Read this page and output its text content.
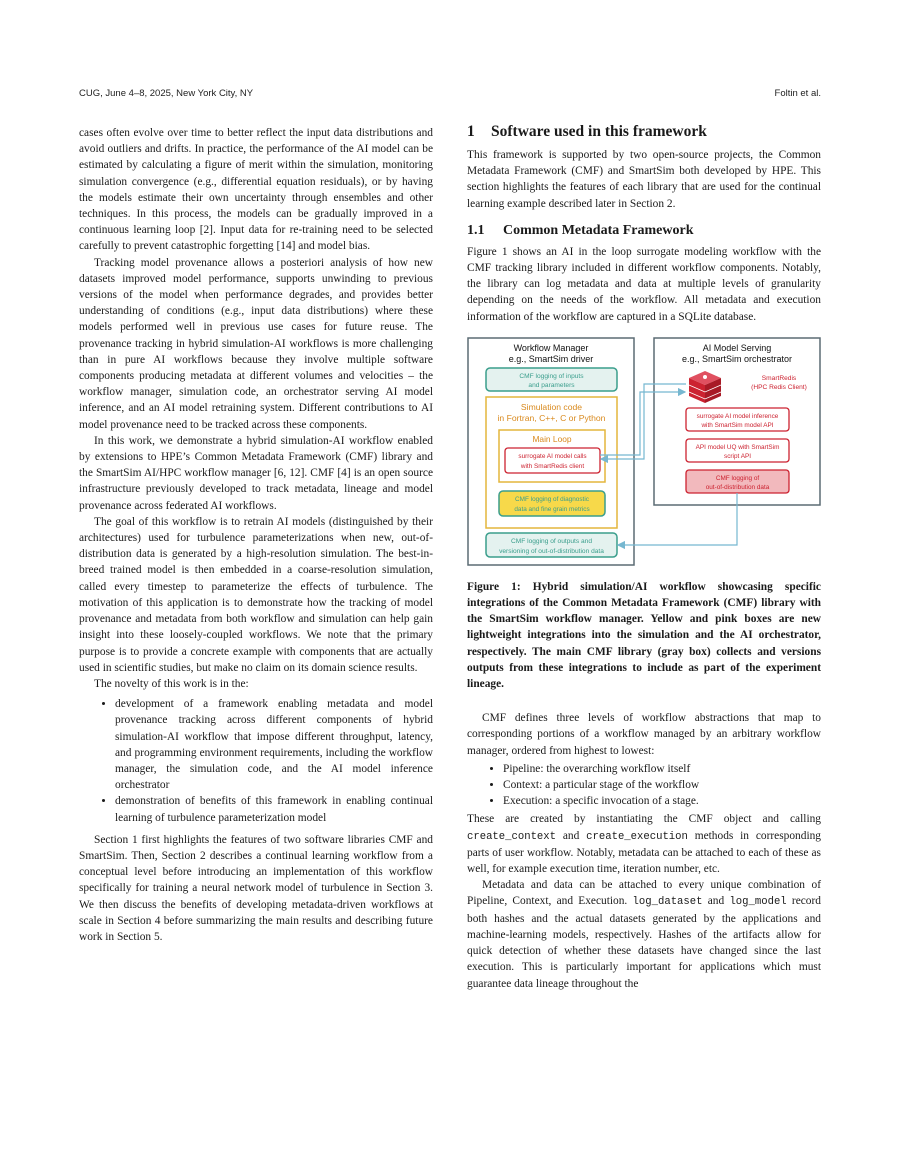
CUG, June 4–8, 2025, New York City, NY	Foltin et al.

cases often evolve over time to better reflect the input data distributions and avoid outliers and drifts. In practice, the performance of the AI model can be estimated by calculating a figure of merit within the simulation, monitoring simulation convergence (e.g., differential equation residuals), or by having the models estimate their own uncertainty through ensembles and other techniques. In this process, the models can be gradually improved in a continuous learning loop [2]. Input data for re-training need to be selected carefully to prevent catastrophic forgetting [14] and model bias.

Tracking model provenance allows a posteriori analysis of how new datasets improved model performance, supports unwinding to previous versions of the model when performance degrades, and provides better understanding of conditions (e.g., input data distributions) where these models performed well in previous use cases for future reuse. The provenance tracking in hybrid simulation-AI workflows is more challenging than in pure AI workflows because they involve multiple software components producing metadata at different volumes and velocities – the workflow manager, simulation code, an orchestrator serving AI model inference, and an AI model retraining system. Different contributions to AI model provenance need to be tracked across these components.

In this work, we demonstrate a hybrid simulation-AI workflow enabled by extensions to HPE’s Common Metadata Framework (CMF) library and the SmartSim AI/HPC workflow manager [6, 12]. CMF [4] is an open source infrastructure previously developed to track metadata, lineage and model provenance across federated AI workflows.

The goal of this workflow is to retrain AI models (distinguished by their architectures) used for turbulence parameterizations when new, out-of-distribution data is generated by a high-resolution simulation. The best-in-breed trained model is then embedded in a coarse-resolution simulation, called every timestep to parameterize the effects of turbulence. The motivation of this application is to demonstrate how the tracking of model provenance and metadata from both workflow and simulation can help gain insight into these loosely-coupled workflows. We note that the primary purpose is to provide a concrete example with components that are actually used in scientific studies, but make no claim on its domain science results.

The novelty of this work is in the:

• development of a framework enabling metadata and model provenance tracking across different components of hybrid simulation-AI workflow that impose different throughput, latency, and programming environment requirements, including the workflow manager, the simulation code, and the AI model inference orchestrator
• demonstration of benefits of this framework in enabling continual learning of turbulence parameterization model

Section 1 first highlights the features of two software libraries CMF and SmartSim. Then, Section 2 describes a continual learning workflow from a conceptual level before introducing an implementation of this workflow specifically for training a neural network model of turbulence in Section 3. We then discuss the benefits of developing metadata-driven workflows at scale in Section 4 before summarizing the main results and describing future work in Section 5.

1 Software used in this framework

This framework is supported by two open-source projects, the Common Metadata Framework (CMF) and SmartSim both developed by HPE. This section highlights the features of each library that are used for the continual learning example described later in Section 2.

1.1 Common Metadata Framework

Figure 1 shows an AI in the loop surrogate modeling workflow with the CMF tracking library included in different workflow components. Notably, the library can log metadata and data at multiple levels of granularity depending on the needs of the workflow. All metadata and execution information of the workflow are captured in a SQLite database.

Workflow Manager
e.g., SmartSim driver
CMF logging of inputs
and parameters
Simulation code
in Fortran, C++, C or Python
Main Loop
surrogate AI model calls
with SmartRedis client
CMF logging of diagnostic
data and fine grain metrics
CMF logging of outputs and
versioning of out-of-distribution data
AI Model Serving
e.g., SmartSim orchestrator
SmartRedis
(HPC Redis Client)
surrogate AI model inference
with SmartSim model API
API model UQ with SmartSim
script API
CMF logging of
out-of-distribution data

Figure 1: Hybrid simulation/AI workflow showcasing specific integrations of the Common Metadata Framework (CMF) library with the SmartSim workflow manager. Yellow and pink boxes are new lightweight integrations into the simulation and the AI orchestrator, respectively. The main CMF library (gray box) collects and versions outputs from these integrations to include as part of the experiment lineage.

CMF defines three levels of workflow abstractions that map to corresponding portions of a workflow managed by an arbitrary workflow manager, ordered from highest to lowest:

• Pipeline: the overarching workflow itself
• Context: a particular stage of the workflow
• Execution: a specific invocation of a stage.

These are created by instantiating the CMF object and calling create_context and create_execution methods in corresponding parts of user workflow. Notably, metadata can be attached to each of these as well, for example execution time, iteration number, etc.

Metadata and data can be attached to every unique combination of Pipeline, Context, and Execution. log_dataset and log_model record both hashes and the actual datasets generated by the applications and machine-learning models, respectively. Hashes of the artifacts allow for quick detection of whether these datasets have changed since the last execution. This is particularly important for applications which must guarantee data lineage throughout the
